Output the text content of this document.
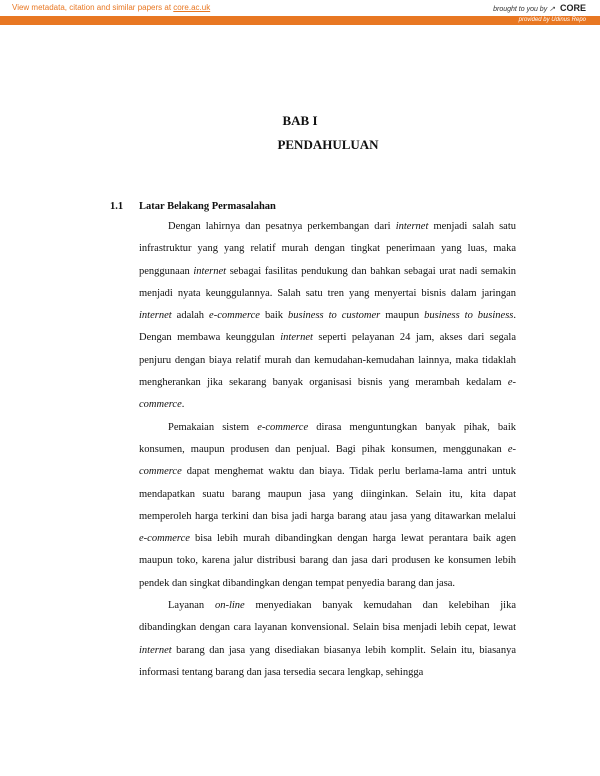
View metadata, citation and similar papers at core.ac.uk	brought to you by ↗ CORE
provided by Udinus Repo
BAB I
PENDAHULUAN
1.1 Latar Belakang Permasalahan

Dengan lahirnya dan pesatnya perkembangan dari internet menjadi salah satu infrastruktur yang yang relatif murah dengan tingkat penerimaan yang luas, maka penggunaan internet sebagai fasilitas pendukung dan bahkan sebagai urat nadi semakin menjadi nyata keunggulannya. Salah satu tren yang menyertai bisnis dalam jaringan internet adalah e-commerce baik business to customer maupun business to business. Dengan membawa keunggulan internet seperti pelayanan 24 jam, akses dari segala penjuru dengan biaya relatif murah dan kemudahan-kemudahan lainnya, maka tidaklah mengherankan jika sekarang banyak organisasi bisnis yang merambah kedalam e-commerce.

Pemakaian sistem e-commerce dirasa menguntungkan banyak pihak, baik konsumen, maupun produsen dan penjual. Bagi pihak konsumen, menggunakan e-commerce dapat menghemat waktu dan biaya. Tidak perlu berlama-lama antri untuk mendapatkan suatu barang maupun jasa yang diinginkan. Selain itu, kita dapat memperoleh harga terkini dan bisa jadi harga barang atau jasa yang ditawarkan melalui e-commerce bisa lebih murah dibandingkan dengan harga lewat perantara baik agen maupun toko, karena jalur distribusi barang dan jasa dari produsen ke konsumen lebih pendek dan singkat dibandingkan dengan tempat penyedia barang dan jasa.

Layanan on-line menyediakan banyak kemudahan dan kelebihan jika dibandingkan dengan cara layanan konvensional. Selain bisa menjadi lebih cepat, lewat internet barang dan jasa yang disediakan biasanya lebih komplit. Selain itu, biasanya informasi tentang barang dan jasa tersedia secara lengkap, sehingga
